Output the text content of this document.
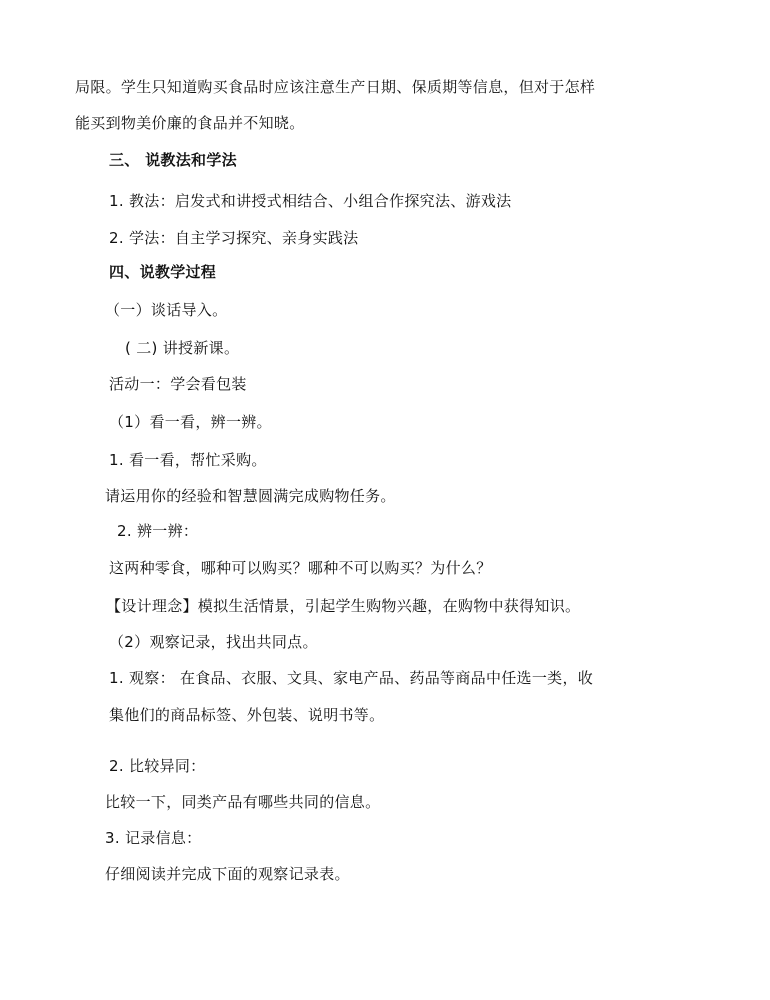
局限。学生只知道购买食品时应该注意生产日期、保质期等信息，但对于怎样
能买到物美价廉的食品并不知晓。
三、 说教法和学法
1. 教法：启发式和讲授式相结合、小组合作探究法、游戏法
2. 学法：自主学习探究、亲身实践法
四、说教学过程
（一）谈话导入。
( 二) 讲授新课。
活动一：学会看包装
（1）看一看，辨一辨。
1. 看一看，帮忙采购。
请运用你的经验和智慧圆满完成购物任务。
2. 辨一辨：
这两种零食，哪种可以购买？哪种不可以购买？为什么？
【设计理念】模拟生活情景，引起学生购物兴趣，在购物中获得知识。
（2）观察记录，找出共同点。
1. 观察： 在食品、衣服、文具、家电产品、药品等商品中任选一类，收
集他们的商品标签、外包装、说明书等。
2. 比较异同：
比较一下，同类产品有哪些共同的信息。
3. 记录信息：
仔细阅读并完成下面的观察记录表。
